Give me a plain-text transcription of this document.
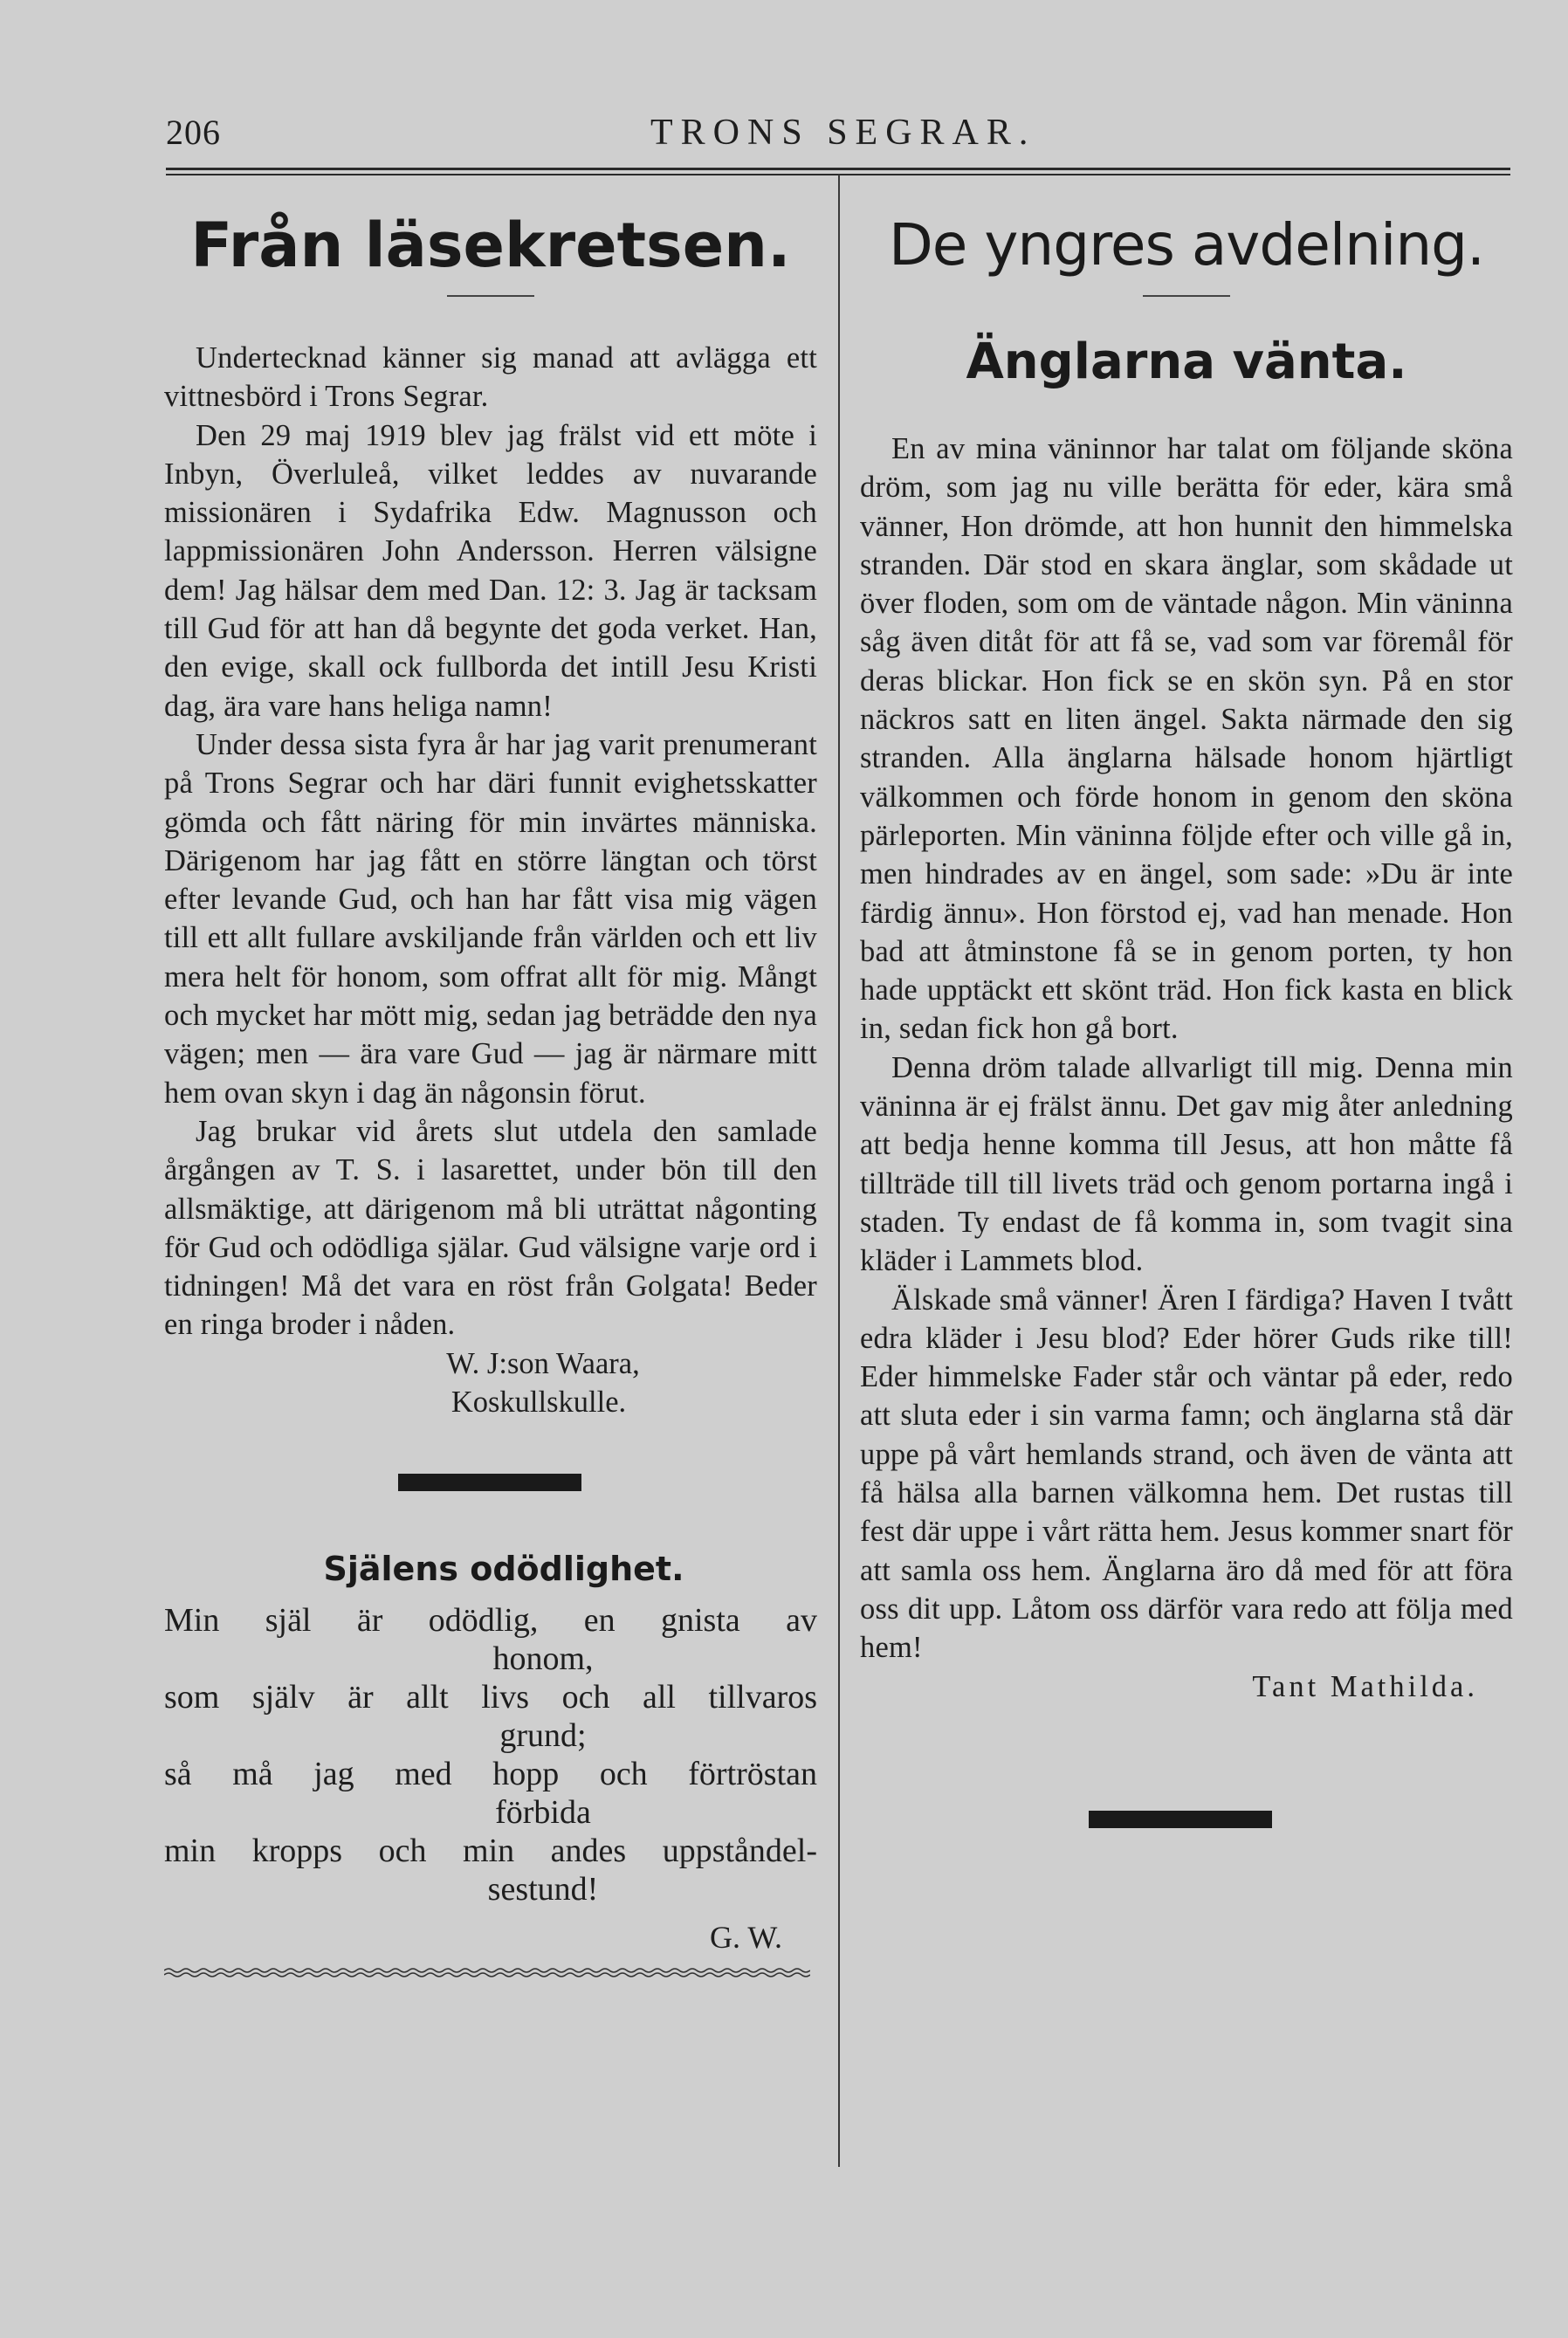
206	TRONS SEGRAR.
Från läsekretsen.

Undertecknad känner sig manad att avlägga ett vittnesbörd i Trons Segrar.

Den 29 maj 1919 blev jag frälst vid ett möte i Inbyn, Överluleå, vilket leddes av nuvarande missionären i Sydafrika Edw. Magnusson och lappmissionären John Andersson. Herren välsigne dem! Jag hälsar dem med Dan. 12: 3. Jag är tacksam till Gud för att han då begynte det goda verket. Han, den evige, skall ock fullborda det intill Jesu Kristi dag, ära vare hans heliga namn!

Under dessa sista fyra år har jag varit prenumerant på Trons Segrar och har däri funnit evighetsskatter gömda och fått näring för min invärtes människa. Därigenom har jag fått en större längtan och törst efter levande Gud, och han har fått visa mig vägen till ett allt fullare avskiljande från världen och ett liv mera helt för honom, som offrat allt för mig. Mångt och mycket har mött mig, sedan jag beträdde den nya vägen; men — ära vare Gud — jag är närmare mitt hem ovan skyn i dag än någonsin förut.

Jag brukar vid årets slut utdela den samlade årgången av T. S. i lasarettet, under bön till den allsmäktige, att därigenom må bli uträttat någonting för Gud och odödliga själar. Gud välsigne varje ord i tidningen! Må det vara en röst från Golgata! Beder en ringa broder i nåden.

W. J:son Waara,
Koskullskulle.
Själens odödlighet.
Min själ är odödlig, en gnista av
honom,
som själv är allt livs och all tillvaros
grund;
så må jag med hopp och förtröstan
förbida
min kropps och min andes uppståndel-
sestund!
G. W.
De yngres avdelning.
Änglarna vänta.

En av mina väninnor har talat om följande sköna dröm, som jag nu ville berätta för eder, kära små vänner, Hon drömde, att hon hunnit den himmelska stranden. Där stod en skara änglar, som skådade ut över floden, som om de väntade någon. Min väninna såg även ditåt för att få se, vad som var föremål för deras blickar. Hon fick se en skön syn. På en stor näckros satt en liten ängel. Sakta närmade den sig stranden. Alla änglarna hälsade honom hjärtligt välkommen och förde honom in genom den sköna pärleporten. Min väninna följde efter och ville gå in, men hindrades av en ängel, som sade: »Du är inte färdig ännu». Hon förstod ej, vad han menade. Hon bad att åtminstone få se in genom porten, ty hon hade upptäckt ett skönt träd. Hon fick kasta en blick in, sedan fick hon gå bort.

Denna dröm talade allvarligt till mig. Denna min väninna är ej frälst ännu. Det gav mig åter anledning att bedja henne komma till Jesus, att hon måtte få tillträde till till livets träd och genom portarna ingå i staden. Ty endast de få komma in, som tvagit sina kläder i Lammets blod.

Älskade små vänner! Ären I färdiga? Haven I tvått edra kläder i Jesu blod? Eder hörer Guds rike till! Eder himmelske Fader står och väntar på eder, redo att sluta eder i sin varma famn; och änglarna stå där uppe på vårt hemlands strand, och även de vänta att få hälsa alla barnen välkomna hem. Det rustas till fest där uppe i vårt rätta hem. Jesus kommer snart för att samla oss hem. Änglarna äro då med för att föra oss dit upp. Låtom oss därför vara redo att följa med hem!

Tant Mathilda.
